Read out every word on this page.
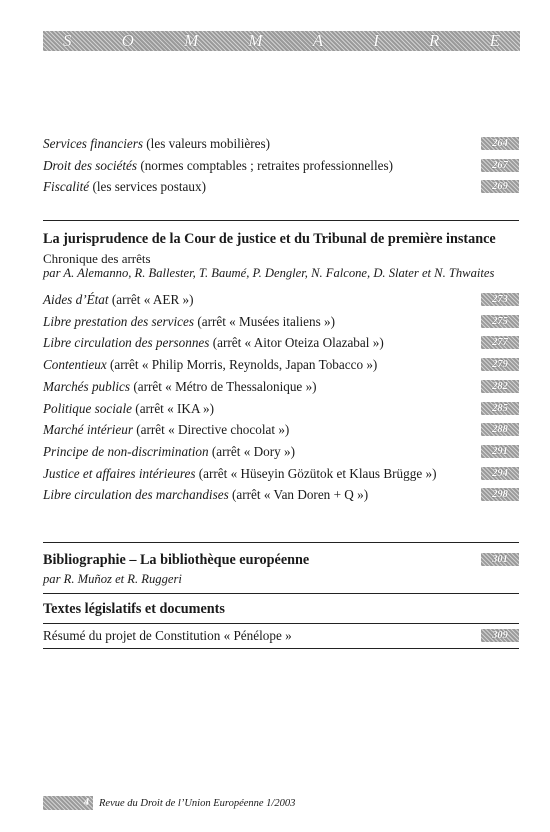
S	O	M	M	A	I	R	E
Services financiers (les valeurs mobilières)	264
Droit des sociétés (normes comptables ; retraites professionnelles)	267
Fiscalité (les services postaux)	269
La jurisprudence de la Cour de justice et du Tribunal de première instance
Chronique des arrêts
par A. Alemanno, R. Ballester, T. Baumé, P. Dengler, N. Falcone, D. Slater et N. Thwaites
Aides d’État (arrêt « AER »)	273
Libre prestation des services (arrêt « Musées italiens »)	275
Libre circulation des personnes (arrêt « Aitor Oteiza Olazabal »)	277
Contentieux (arrêt « Philip Morris, Reynolds, Japan Tobacco »)	279
Marchés publics (arrêt « Métro de Thessalonique »)	282
Politique sociale (arrêt « IKA »)	285
Marché intérieur (arrêt « Directive chocolat »)	288
Principe de non-discrimination (arrêt « Dory »)	291
Justice et affaires intérieures (arrêt « Hüseyin Gözütok et Klaus Brügge »)	294
Libre circulation des marchandises (arrêt « Van Doren + Q »)	298
Bibliographie – La bibliothèque européenne	301
par R. Muñoz et R. Ruggeri
Textes législatifs et documents
Résumé du projet de Constitution « Pénélope »	309
4 Revue du Droit de l’Union Européenne 1/2003
